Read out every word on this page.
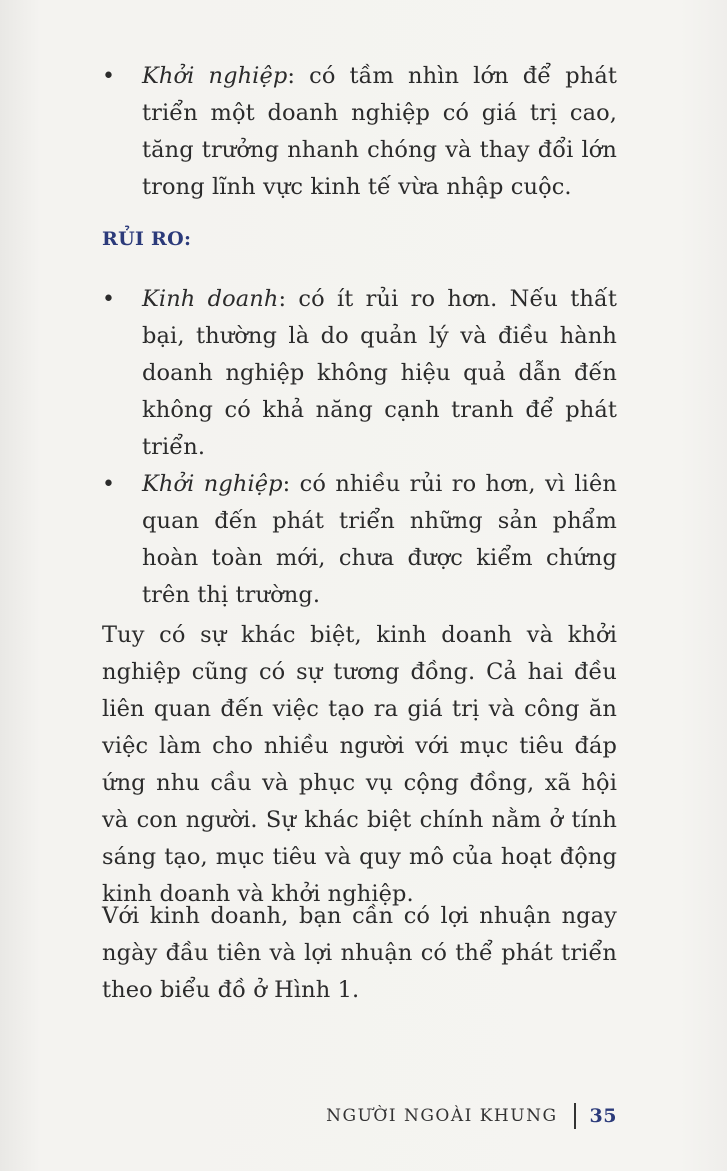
• Khởi nghiệp: có tầm nhìn lớn để phát triển một doanh nghiệp có giá trị cao, tăng trưởng nhanh chóng và thay đổi lớn trong lĩnh vực kinh tế vừa nhập cuộc.

RỦI RO:

• Kinh doanh: có ít rủi ro hơn. Nếu thất bại, thường là do quản lý và điều hành doanh nghiệp không hiệu quả dẫn đến không có khả năng cạnh tranh để phát triển.

• Khởi nghiệp: có nhiều rủi ro hơn, vì liên quan đến phát triển những sản phẩm hoàn toàn mới, chưa được kiểm chứng trên thị trường.

Tuy có sự khác biệt, kinh doanh và khởi nghiệp cũng có sự tương đồng. Cả hai đều liên quan đến việc tạo ra giá trị và công ăn việc làm cho nhiều người với mục tiêu đáp ứng nhu cầu và phục vụ cộng đồng, xã hội và con người. Sự khác biệt chính nằm ở tính sáng tạo, mục tiêu và quy mô của hoạt động kinh doanh và khởi nghiệp.

Với kinh doanh, bạn cần có lợi nhuận ngay ngày đầu tiên và lợi nhuận có thể phát triển theo biểu đồ ở Hình 1.

NGƯỜI NGOÀI KHUNG 35
